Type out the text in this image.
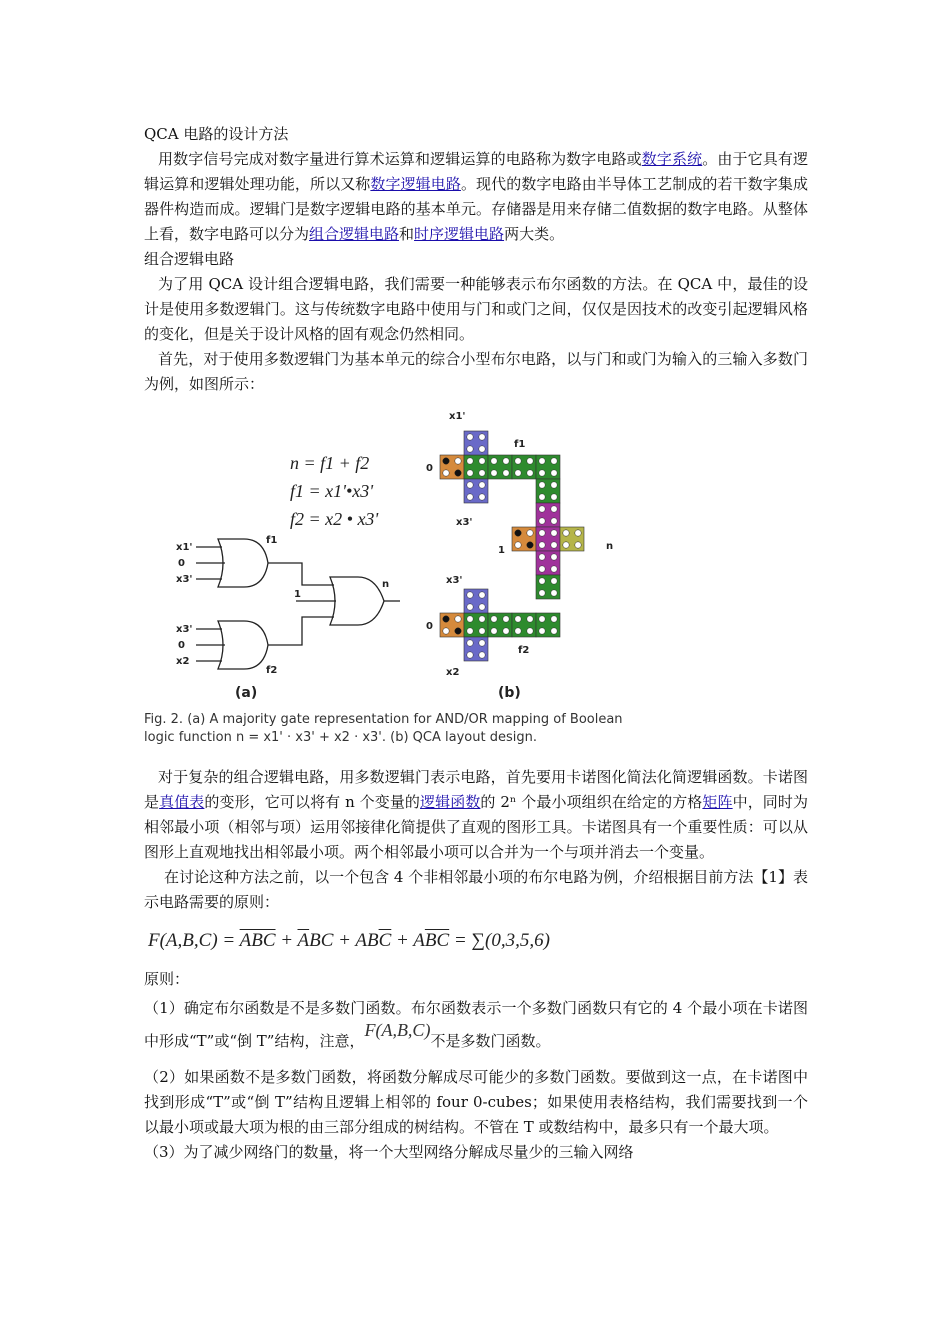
QCA 电路的设计方法

用数字信号完成对数字量进行算术运算和逻辑运算的电路称为数字电路或数字系统。由于它具有逻辑运算和逻辑处理功能，所以又称数字逻辑电路。现代的数字电路由半导体工艺制成的若干数字集成器件构造而成。逻辑门是数字逻辑电路的基本单元。存储器是用来存储二值数据的数字电路。从整体上看，数字电路可以分为组合逻辑电路和时序逻辑电路两大类。

组合逻辑电路

为了用 QCA 设计组合逻辑电路，我们需要一种能够表示布尔函数的方法。在 QCA 中，最佳的设计是使用多数逻辑门。这与传统数字电路中使用与门和或门之间，仅仅是因技术的改变引起逻辑风格的变化，但是关于设计风格的固有观念仍然相同。

首先，对于使用多数逻辑门为基本单元的综合小型布尔电路，以与门和或门为输入的三输入多数门为例，如图所示：

n = f1 + f2
f1 = x1'•x3'
f2 = x2 • x3'
x1'
0
x3'
x3'
0
x2
f1
f2
1
n
x1'
f1
0
x3'
1	n
x3'
0
f2
x2
(a)	(b)

Fig. 2. (a) A majority gate representation for AND/OR mapping of Boolean

logic function n = x1' · x3' + x2 · x3'. (b) QCA layout design.

对于复杂的组合逻辑电路，用多数逻辑门表示电路，首先要用卡诺图化简法化简逻辑函数。卡诺图是真值表的变形，它可以将有 n 个变量的逻辑函数的 2ⁿ 个最小项组织在给定的方格矩阵中，同时为相邻最小项（相邻与项）运用邻接律化简提供了直观的图形工具。卡诺图具有一个重要性质：可以从图形上直观地找出相邻最小项。两个相邻最小项可以合并为一个与项并消去一个变量。

在讨论这种方法之前，以一个包含 4 个非相邻最小项的布尔电路为例，介绍根据目前方法【1】表示电路需要的原则：

$F(A,B,C) = \overline{ABC} + \overline{A}BC + AB\overline{C} + A\overline{B}\overline{C} = \sum(0,3,5,6)$

原则：

（1）确定布尔函数是不是多数门函数。布尔函数表示一个多数门函数只有它的 4 个最小项在卡诺图中形成“T”或“倒 T”结构，注意，F(A,B,C)不是多数门函数。

（2）如果函数不是多数门函数，将函数分解成尽可能少的多数门函数。要做到这一点，在卡诺图中找到形成“T”或“倒 T”结构且逻辑上相邻的 four 0-cubes；如果使用表格结构，我们需要找到一个以最小项或最大项为根的由三部分组成的树结构。不管在 T 或数结构中，最多只有一个最大项。

（3）为了减少网络门的数量，将一个大型网络分解成尽量少的三输入网络
